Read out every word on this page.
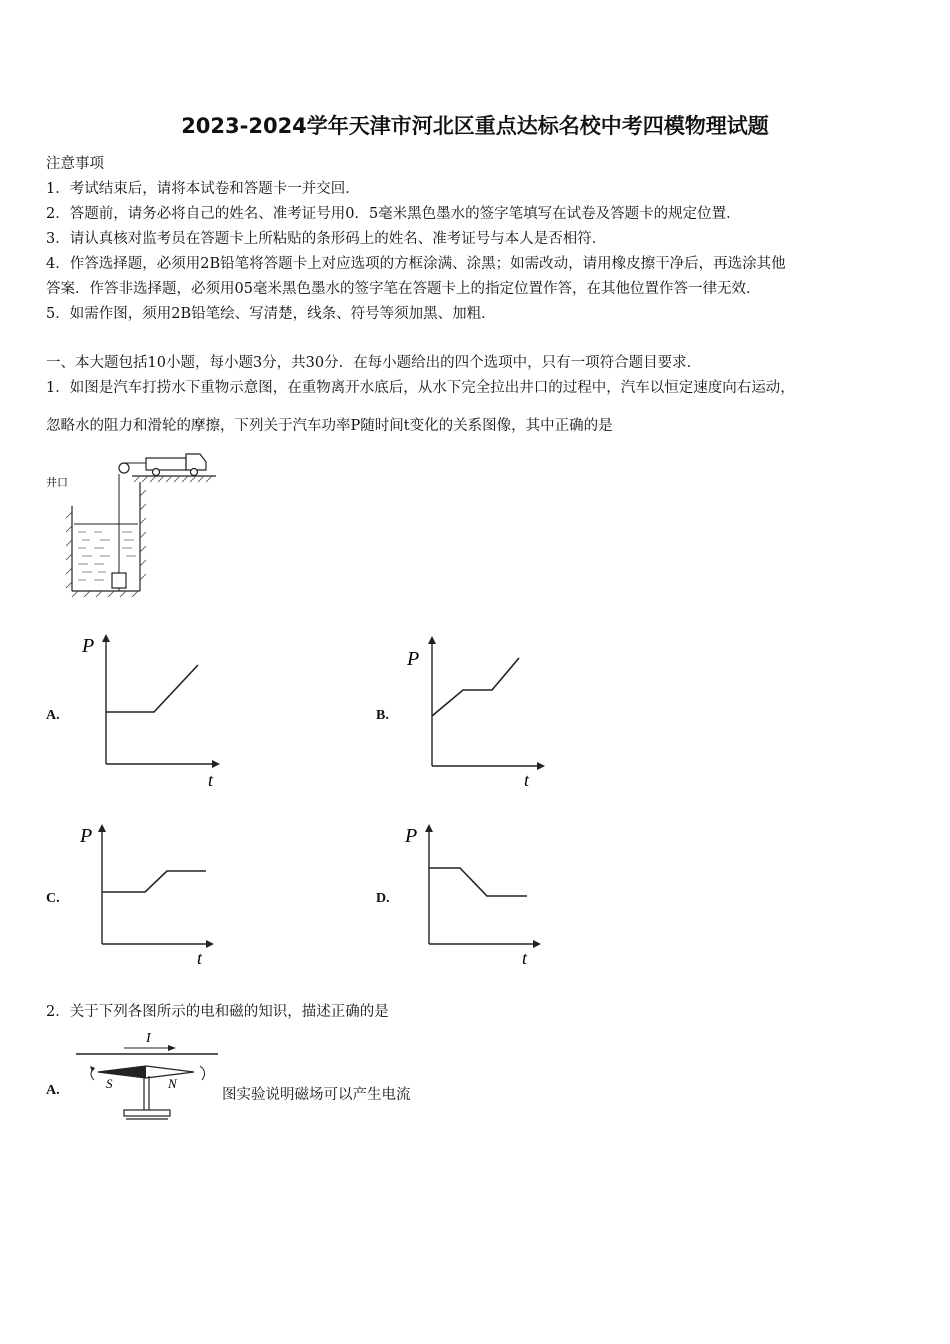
2023-2024学年天津市河北区重点达标名校中考四模物理试题
注意事项
1．考试结束后，请将本试卷和答题卡一并交回．
2．答题前，请务必将自己的姓名、准考证号用0．5毫米黑色墨水的签字笔填写在试卷及答题卡的规定位置．
3．请认真核对监考员在答题卡上所粘贴的条形码上的姓名、准考证号与本人是否相符．
4．作答选择题，必须用2B铅笔将答题卡上对应选项的方框涂满、涂黑；如需改动，请用橡皮擦干净后，再选涂其他
答案．作答非选择题，必须用05毫米黑色墨水的签字笔在答题卡上的指定位置作答，在其他位置作答一律无效．
5．如需作图，须用2B铅笔绘、写清楚，线条、符号等须加黑、加粗．
一、本大题包括10小题，每小题3分，共30分．在每小题给出的四个选项中，只有一项符合题目要求．
1．如图是汽车打捞水下重物示意图，在重物离开水底后，从水下完全拉出井口的过程中，汽车以恒定速度向右运动，
忽略水的阻力和滑轮的摩擦，下列关于汽车功率P随时间t变化的关系图像，其中正确的是
井口
A.
P
t
B.
P
t
C.
P
t
D.
P
t
2．关于下列各图所示的电和磁的知识，描述正确的是
A.
I
S	N
图实验说明磁场可以产生电流
